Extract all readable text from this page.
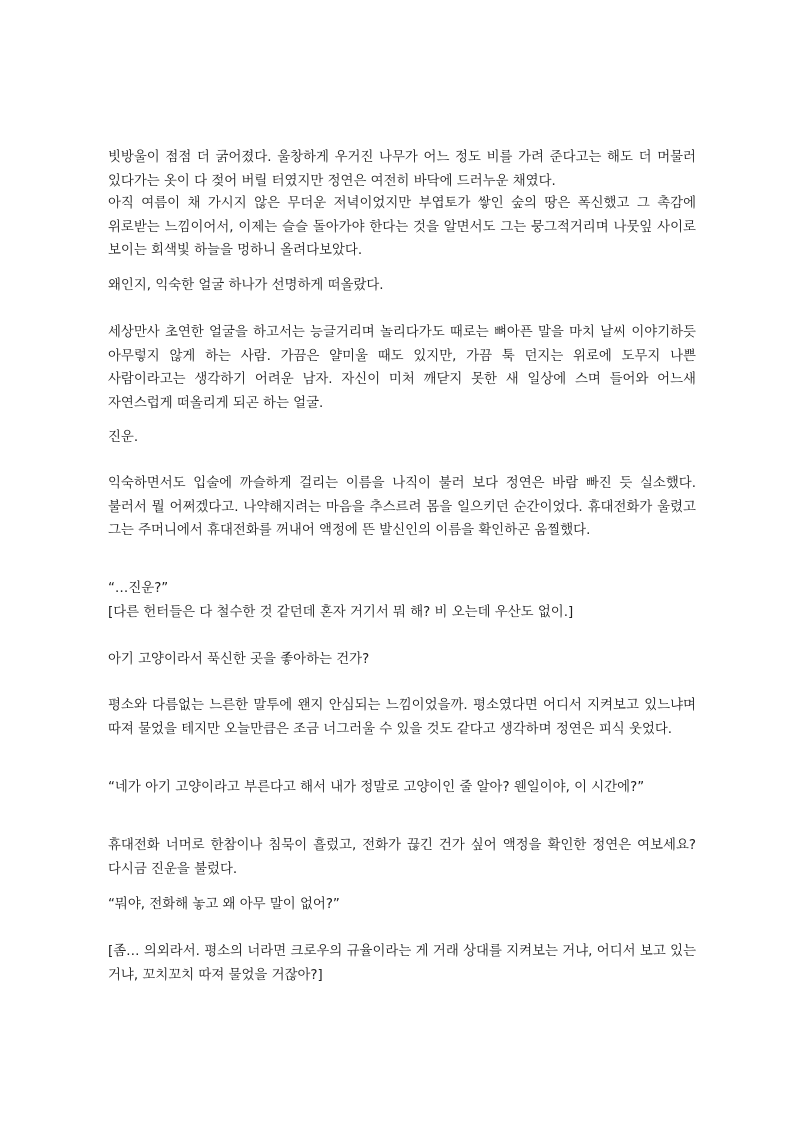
빗방울이 점점 더 굵어졌다. 울창하게 우거진 나무가 어느 정도 비를 가려 준다고는 해도 더 머물러 있다가는 옷이 다 젖어 버릴 터였지만 정연은 여전히 바닥에 드러누운 채였다.

아직 여름이 채 가시지 않은 무더운 저녁이었지만 부엽토가 쌓인 숲의 땅은 폭신했고 그 촉감에 위로받는 느낌이어서, 이제는 슬슬 돌아가야 한다는 것을 알면서도 그는 뭉그적거리며 나뭇잎 사이로 보이는 회색빛 하늘을 멍하니 올려다보았다.

왜인지, 익숙한 얼굴 하나가 선명하게 떠올랐다.

세상만사 초연한 얼굴을 하고서는 능글거리며 놀리다가도 때로는 뼈아픈 말을 마치 날씨 이야기하듯 아무렇지 않게 하는 사람. 가끔은 얄미울 때도 있지만, 가끔 툭 던지는 위로에 도무지 나쁜 사람이라고는 생각하기 어려운 남자. 자신이 미처 깨닫지 못한 새 일상에 스며 들어와 어느새 자연스럽게 떠올리게 되곤 하는 얼굴.

진운.

익숙하면서도 입술에 까슬하게 걸리는 이름을 나직이 불러 보다 정연은 바람 빠진 듯 실소했다. 불러서 뭘 어쩌겠다고. 나약해지려는 마음을 추스르려 몸을 일으키던 순간이었다. 휴대전화가 울렸고 그는 주머니에서 휴대전화를 꺼내어 액정에 뜬 발신인의 이름을 확인하곤 움찔했다.

“…진운?”

[다른 헌터들은 다 철수한 것 같던데 혼자 거기서 뭐 해? 비 오는데 우산도 없이.]

아기 고양이라서 푹신한 곳을 좋아하는 건가?

평소와 다름없는 느른한 말투에 왠지 안심되는 느낌이었을까. 평소였다면 어디서 지켜보고 있느냐며 따져 물었을 테지만 오늘만큼은 조금 너그러울 수 있을 것도 같다고 생각하며 정연은 피식 웃었다.

“네가 아기 고양이라고 부른다고 해서 내가 정말로 고양이인 줄 알아? 웬일이야, 이 시간에?”

휴대전화 너머로 한참이나 침묵이 흘렀고, 전화가 끊긴 건가 싶어 액정을 확인한 정연은 여보세요? 다시금 진운을 불렀다.

“뭐야, 전화해 놓고 왜 아무 말이 없어?”

[좀… 의외라서. 평소의 너라면 크로우의 규율이라는 게 거래 상대를 지켜보는 거냐, 어디서 보고 있는 거냐, 꼬치꼬치 따져 물었을 거잖아?]
